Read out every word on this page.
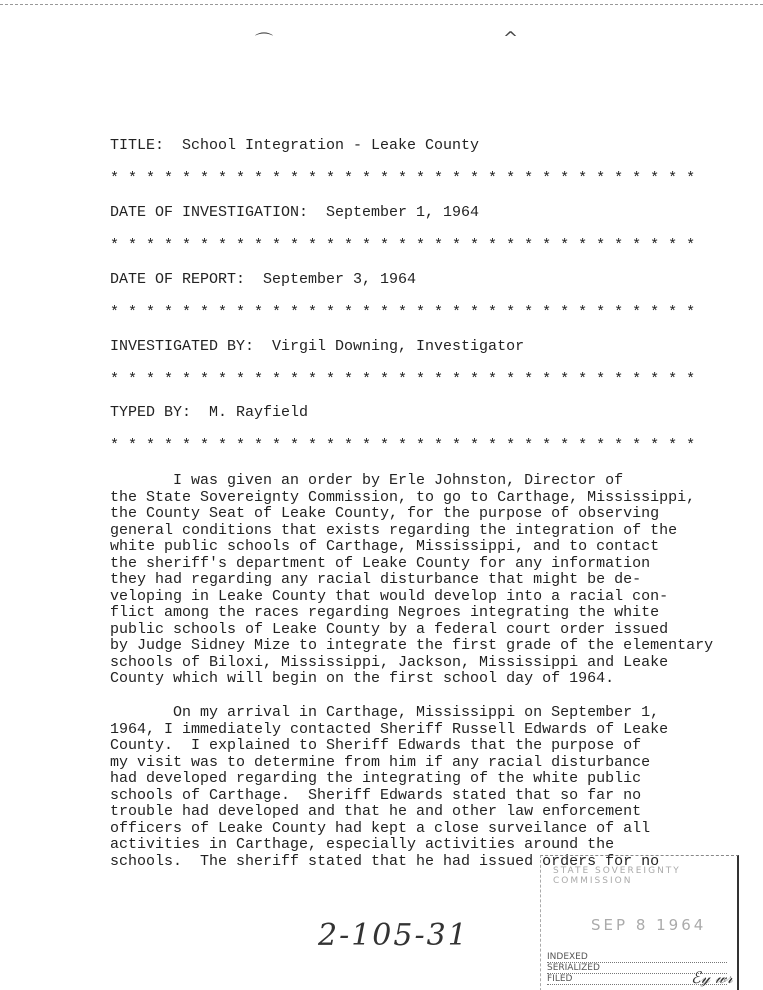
⌒	^
TITLE:  School Integration - Leake County
* * * * * * * * * * * * * * * * * * * * * * * * * * * * * * * * *
DATE OF INVESTIGATION:  September 1, 1964
* * * * * * * * * * * * * * * * * * * * * * * * * * * * * * * * *
DATE OF REPORT:  September 3, 1964
* * * * * * * * * * * * * * * * * * * * * * * * * * * * * * * * *
INVESTIGATED BY:  Virgil Downing, Investigator
* * * * * * * * * * * * * * * * * * * * * * * * * * * * * * * * *
TYPED BY:  M. Rayfield
* * * * * * * * * * * * * * * * * * * * * * * * * * * * * * * * *
I was given an order by Erle Johnston, Director of
the State Sovereignty Commission, to go to Carthage, Mississippi,
the County Seat of Leake County, for the purpose of observing
general conditions that exists regarding the integration of the
white public schools of Carthage, Mississippi, and to contact
the sheriff's department of Leake County for any information
they had regarding any racial disturbance that might be de-
veloping in Leake County that would develop into a racial con-
flict among the races regarding Negroes integrating the white
public schools of Leake County by a federal court order issued
by Judge Sidney Mize to integrate the first grade of the elementary
schools of Biloxi, Mississippi, Jackson, Mississippi and Leake
County which will begin on the first school day of 1964.
On my arrival in Carthage, Mississippi on September 1,
1964, I immediately contacted Sheriff Russell Edwards of Leake
County.  I explained to Sheriff Edwards that the purpose of
my visit was to determine from him if any racial disturbance
had developed regarding the integrating of the white public
schools of Carthage.  Sheriff Edwards stated that so far no
trouble had developed and that he and other law enforcement
officers of Leake County had kept a close surveilance of all
activities in Carthage, especially activities around the
schools.  The sheriff stated that he had issued orders for no
2-105-31
STATE SOVEREIGNTY COMMISSION
SEP 8 1964
INDEXED
SERIALIZED
FILED	ℰ𝓎 𝓌𝓇
